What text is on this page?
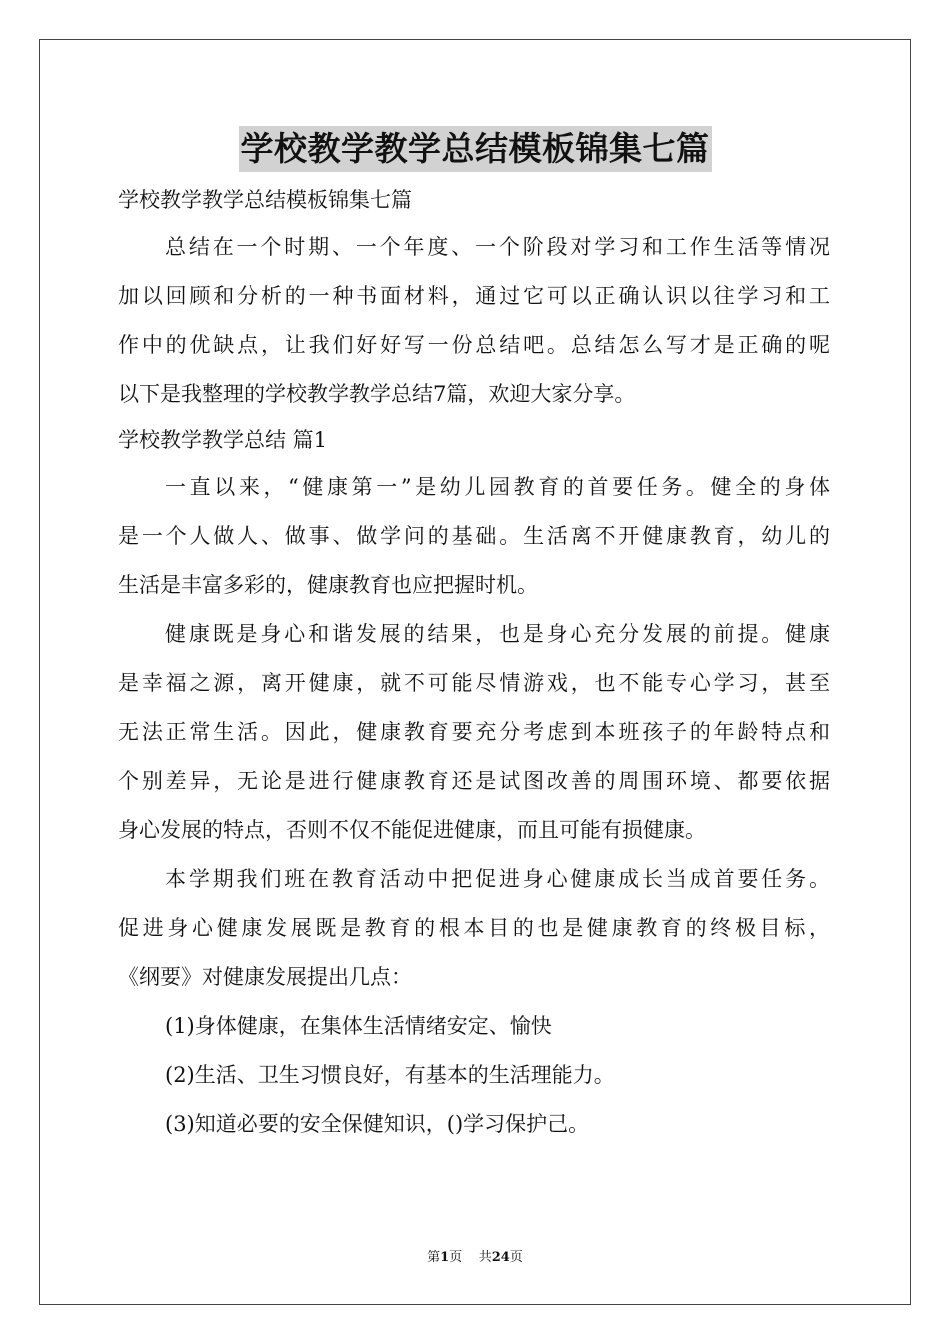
学校教学教学总结模板锦集七篇
学校教学教学总结模板锦集七篇
总结在一个时期、一个年度、一个阶段对学习和工作生活等情况
加以回顾和分析的一种书面材料，通过它可以正确认识以往学习和工
作中的优缺点，让我们好好写一份总结吧。总结怎么写才是正确的呢
以下是我整理的学校教学教学总结7篇，欢迎大家分享。
学校教学教学总结 篇1
一直以来，“健康第一”是幼儿园教育的首要任务。健全的身体
是一个人做人、做事、做学问的基础。生活离不开健康教育，幼儿的
生活是丰富多彩的，健康教育也应把握时机。
健康既是身心和谐发展的结果，也是身心充分发展的前提。健康
是幸福之源，离开健康，就不可能尽情游戏，也不能专心学习，甚至
无法正常生活。因此，健康教育要充分考虑到本班孩子的年龄特点和
个别差异，无论是进行健康教育还是试图改善的周围环境、都要依据
身心发展的特点，否则不仅不能促进健康，而且可能有损健康。
本学期我们班在教育活动中把促进身心健康成长当成首要任务。
促进身心健康发展既是教育的根本目的也是健康教育的终极目标，
《纲要》对健康发展提出几点：
(1)身体健康，在集体生活情绪安定、愉快
(2)生活、卫生习惯良好，有基本的生活理能力。
(3)知道必要的安全保健知识，()学习保护己。
第1页 共24页
